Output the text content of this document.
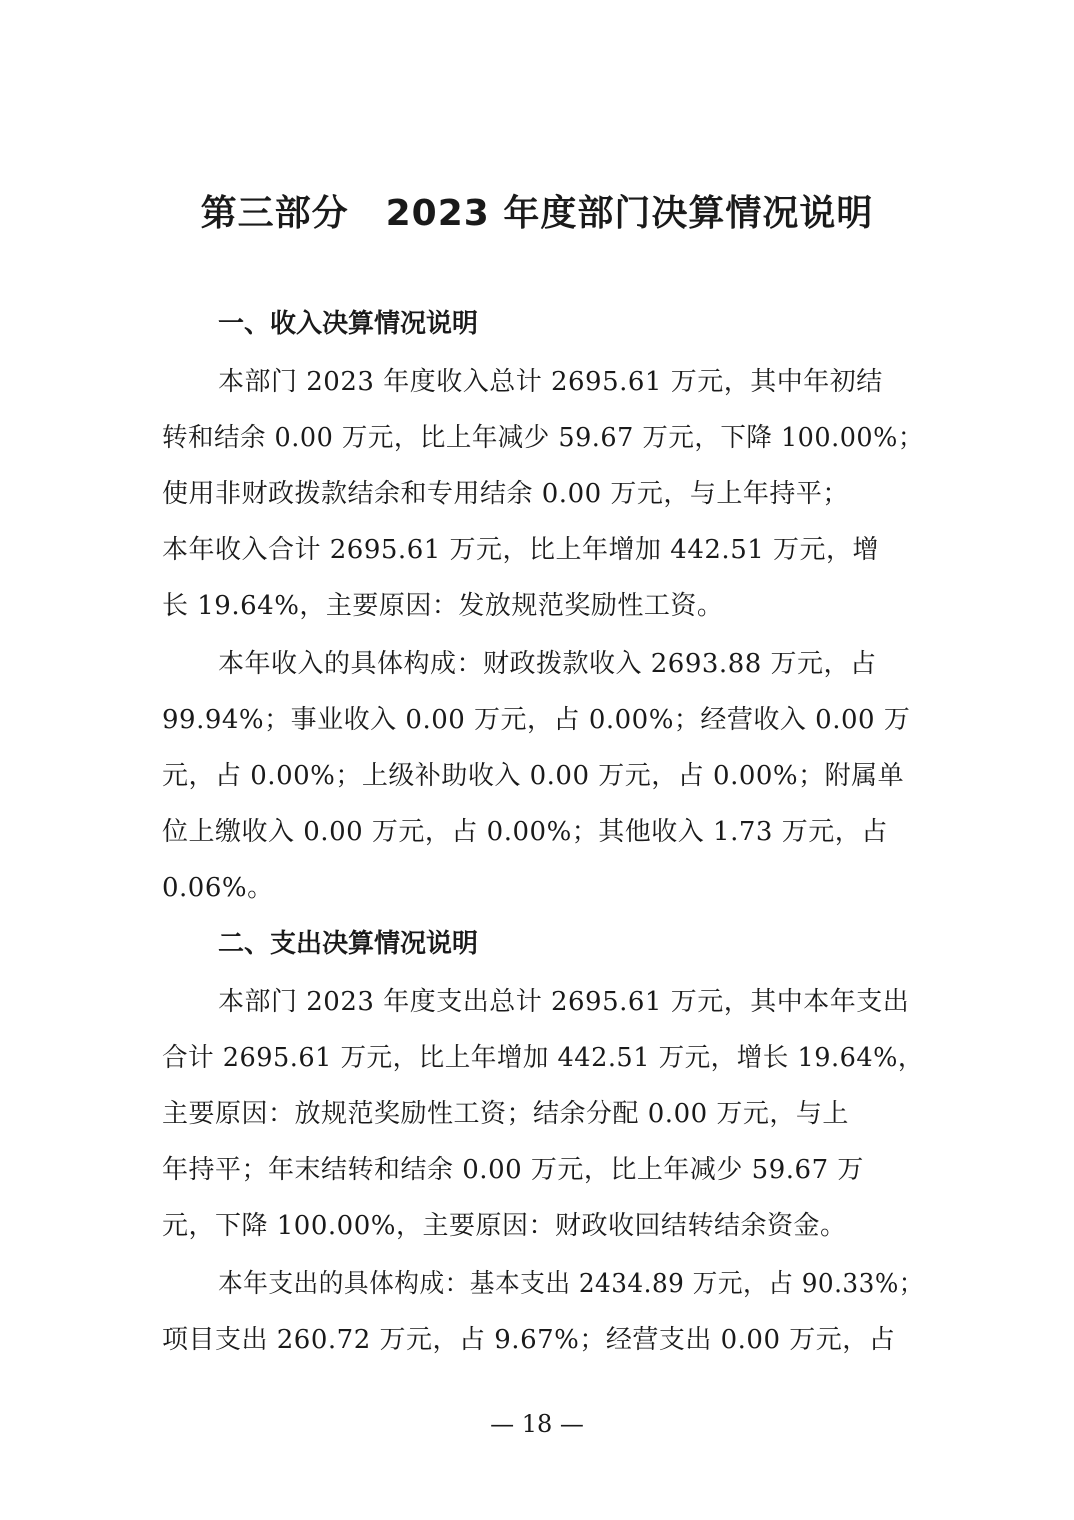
第三部分　2023 年度部门决算情况说明
一、收入决算情况说明
本部门 2023 年度收入总计 2695.61 万元，其中年初结
转和结余 0.00 万元，比上年减少 59.67 万元，下降 100.00%；
使用非财政拨款结余和专用结余 0.00 万元，与上年持平；
本年收入合计 2695.61 万元，比上年增加 442.51 万元，增
长 19.64%，主要原因：发放规范奖励性工资。
本年收入的具体构成：财政拨款收入 2693.88 万元，占
99.94%；事业收入 0.00 万元，占 0.00%；经营收入 0.00 万
元，占 0.00%；上级补助收入 0.00 万元，占 0.00%；附属单
位上缴收入 0.00 万元，占 0.00%；其他收入 1.73 万元，占
0.06%。
二、支出决算情况说明
本部门 2023 年度支出总计 2695.61 万元，其中本年支出
合计 2695.61 万元，比上年增加 442.51 万元，增长 19.64%，
主要原因：放规范奖励性工资；结余分配 0.00 万元，与上
年持平；年末结转和结余 0.00 万元，比上年减少 59.67 万
元，下降 100.00%，主要原因：财政收回结转结余资金。
本年支出的具体构成：基本支出 2434.89 万元，占 90.33%；
项目支出 260.72 万元，占 9.67%；经营支出 0.00 万元，占
— 18 —
